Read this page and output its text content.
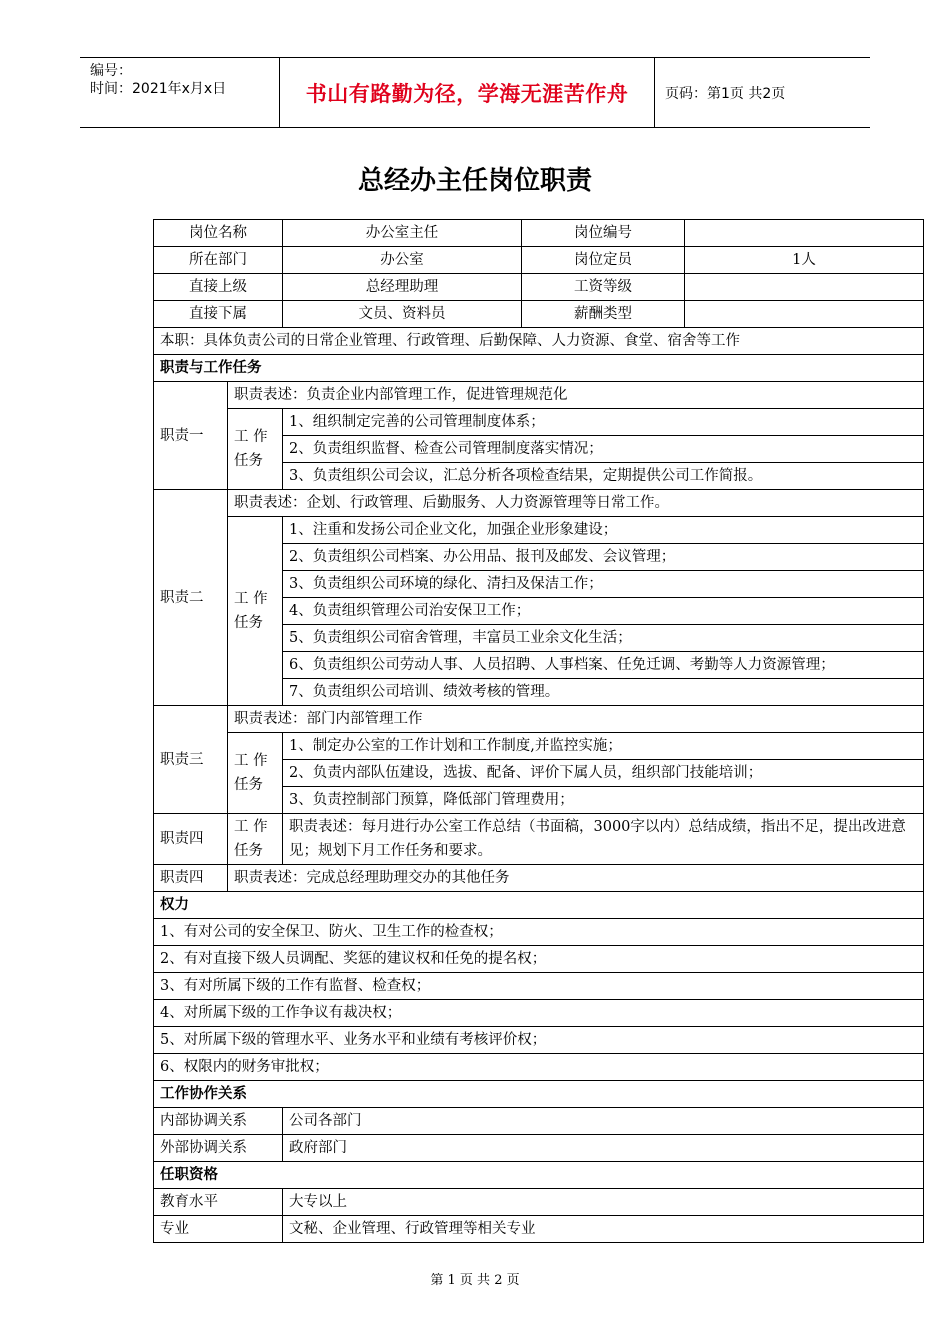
编号：
时间：2021年x月x日	书山有路勤为径，学海无涯苦作舟	页码：第1页 共2页
总经办主任岗位职责
岗位名称		办公室主任	岗位编号	
所在部门		办公室	岗位定员	1人
直接上级		总经理助理	工资等级	
直接下属		文员、资料员	薪酬类型	
本职：具体负责公司的日常企业管理、行政管理、后勤保障、人力资源、食堂、宿舍等工作				
职责与工作任务				
职责一	职责表述：负责企业内部管理工作，促进管理规范化			
	工 作 任务	1、组织制定完善的公司管理制度体系；		
		2、负责组织监督、检查公司管理制度落实情况；		
		3、负责组织公司会议，汇总分析各项检查结果，定期提供公司工作简报。		
职责二	职责表述：企划、行政管理、后勤服务、人力资源管理等日常工作。			
	工 作 任务	1、注重和发扬公司企业文化，加强企业形象建设；		
		2、负责组织公司档案、办公用品、报刊及邮发、会议管理；		
		3、负责组织公司环境的绿化、清扫及保洁工作；		
		4、负责组织管理公司治安保卫工作；		
		5、负责组织公司宿舍管理，丰富员工业余文化生活；		
		6、负责组织公司劳动人事、人员招聘、人事档案、任免迁调、考勤等人力资源管理；		
		7、负责组织公司培训、绩效考核的管理。		
职责三	职责表述：部门内部管理工作			
	工 作 任务	1、制定办公室的工作计划和工作制度,并监控实施；		
		2、负责内部队伍建设，选拔、配备、评价下属人员，组织部门技能培训；		
		3、负责控制部门预算，降低部门管理费用；		
职责四	工 作 任务	职责表述：每月进行办公室工作总结（书面稿，3000字以内）总结成绩，指出不足，提出改进意见；规划下月工作任务和要求。		
职责四	职责表述：完成总经理助理交办的其他任务			
权力				
1、有对公司的安全保卫、防火、卫生工作的检查权；				
2、有对直接下级人员调配、奖惩的建议权和任免的提名权；				
3、有对所属下级的工作有监督、检查权；				
4、对所属下级的工作争议有裁决权；				
5、对所属下级的管理水平、业务水平和业绩有考核评价权；				
6、权限内的财务审批权；				
工作协作关系				
内部协调关系		公司各部门		
外部协调关系		政府部门		
任职资格				
教育水平		大专以上		
专业		文秘、企业管理、行政管理等相关专业		
第 1 页 共 2 页
